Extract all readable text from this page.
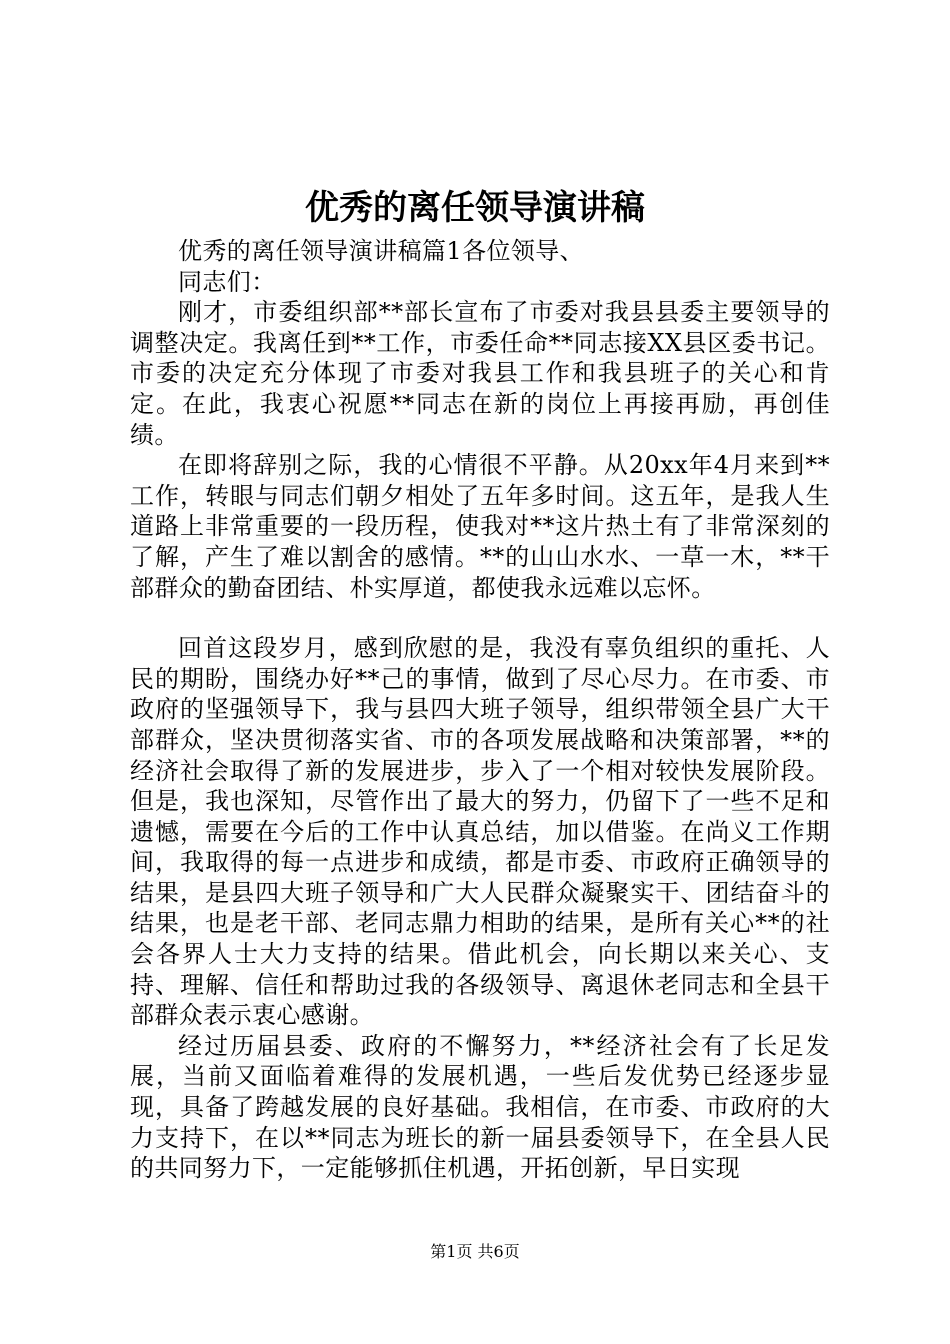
优秀的离任领导演讲稿

优秀的离任领导演讲稿篇1各位领导、

同志们：

刚才，市委组织部**部长宣布了市委对我县县委主要领导的调整决定。我离任到**工作，市委任命**同志接XX县区委书记。市委的决定充分体现了市委对我县工作和我县班子的关心和肯定。在此，我衷心祝愿**同志在新的岗位上再接再励，再创佳绩。

在即将辞别之际，我的心情很不平静。从20xx年4月来到**工作，转眼与同志们朝夕相处了五年多时间。这五年，是我人生道路上非常重要的一段历程，使我对**这片热土有了非常深刻的了解，产生了难以割舍的感情。**的山山水水、一草一木，**干部群众的勤奋团结、朴实厚道，都使我永远难以忘怀。

回首这段岁月，感到欣慰的是，我没有辜负组织的重托、人民的期盼，围绕办好**己的事情，做到了尽心尽力。在市委、市政府的坚强领导下，我与县四大班子领导，组织带领全县广大干部群众，坚决贯彻落实省、市的各项发展战略和决策部署，**的经济社会取得了新的发展进步，步入了一个相对较快发展阶段。但是，我也深知，尽管作出了最大的努力，仍留下了一些不足和遗憾，需要在今后的工作中认真总结，加以借鉴。在尚义工作期间，我取得的每一点进步和成绩，都是市委、市政府正确领导的结果，是县四大班子领导和广大人民群众凝聚实干、团结奋斗的结果，也是老干部、老同志鼎力相助的结果，是所有关心**的社会各界人士大力支持的结果。借此机会，向长期以来关心、支持、理解、信任和帮助过我的各级领导、离退休老同志和全县干部群众表示衷心感谢。

经过历届县委、政府的不懈努力，**经济社会有了长足发展，当前又面临着难得的发展机遇，一些后发优势已经逐步显现，具备了跨越发展的良好基础。我相信，在市委、市政府的大力支持下，在以**同志为班长的新一届县委领导下，在全县人民的共同努力下，一定能够抓住机遇，开拓创新，早日实现

第1页 共6页
